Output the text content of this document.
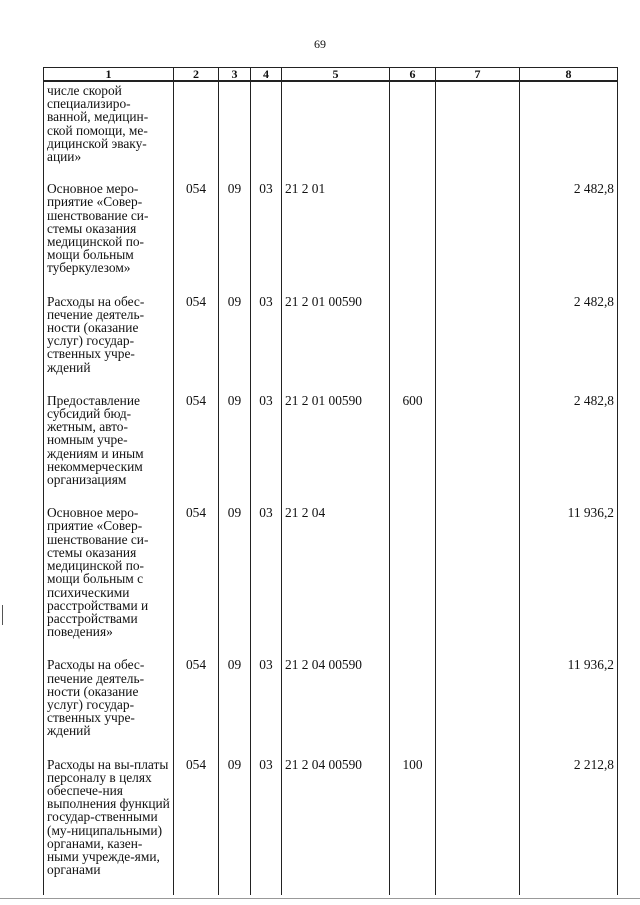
69
1	2	3	4	5	6	7	8
числе скорой специализиро-ванной, медицин-ской помощи, ме-дицинской эваку-ации»							
Основное меро-приятие «Совер-шенствование си-стемы оказания медицинской по-мощи больным туберкулезом»	054	09	03	21 2 01			2 482,8
Расходы на обес-печение деятель-ности (оказание услуг) государ-ственных учре-ждений	054	09	03	21 2 01 00590			2 482,8
Предоставление субсидий бюд-жетным, авто-номным учре-ждениям и иным некоммерческим организациям	054	09	03	21 2 01 00590	600		2 482,8
Основное меро-приятие «Совер-шенствование си-стемы оказания медицинской по-мощи больным с психическими расстройствами и расстройствами поведения»	054	09	03	21 2 04			11 936,2
Расходы на обес-печение деятель-ности (оказание услуг) государ-ственных учре-ждений	054	09	03	21 2 04 00590			11 936,2
Расходы на вы-платы персоналу в целях обеспече-ния выполнения функций государ-ственными (му-ниципальными) органами, казен-ными учрежде-ями, органами	054	09	03	21 2 04 00590	100		2 212,8
